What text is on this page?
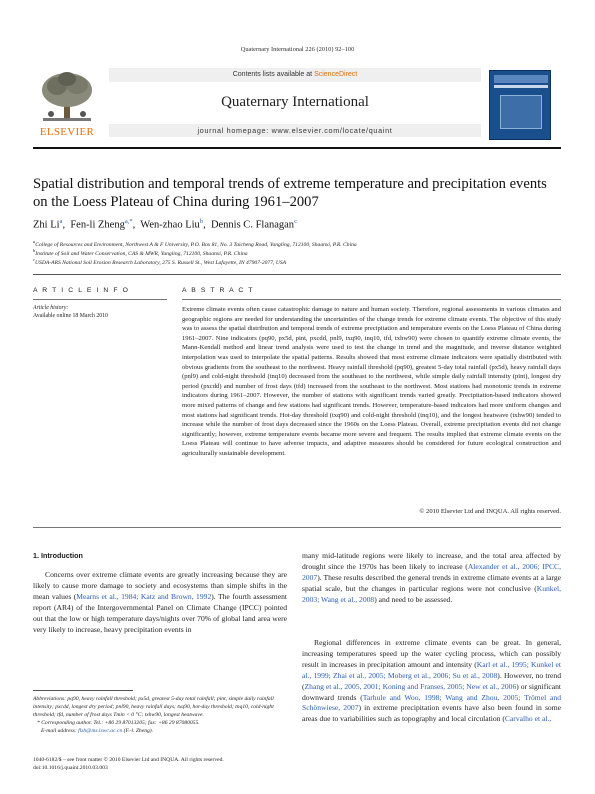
Quaternary International 226 (2010) 92–100
ELSEVIER
Contents lists available at ScienceDirect
Quaternary International
journal homepage: www.elsevier.com/locate/quaint
Spatial distribution and temporal trends of extreme temperature and precipitation events on the Loess Plateau of China during 1961–2007
Zhi Li$^a$,  Fen-li Zheng$^{a,*}$,  Wen-zhao Liu$^b$,  Dennis C. Flanagan$^c$
$^a$College of Resources and Environment, Northwest A & F University, P.O. Box 81, No. 3 Taicheng Road, Yangling, 712100, Shaanxi, P.R. China
$^b$Institute of Soil and Water Conservation, CAS & MWR, Yangling, 712100, Shaanxi, P.R. China
$^c$USDA-ARS National Soil Erosion Research Laboratory, 275 S. Russell St., West Lafayette, IN 47907-2077, USA
A R T I C L E I N F O	A B S T R A C T
Article history:
Available online 18 March 2010
Extreme climate events often cause catastrophic damage to nature and human society. Therefore, regional assessments in various climates and geographic regions are needed for understanding the uncertainties of the change trends for extreme climate events. The objective of this study was to assess the spatial distribution and temporal trends of extreme precipitation and temperature events on the Loess Plateau of China during 1961–2007. Nine indicators (pq90, px5d, pint, pxcdd, pnl9, txq90, tnq10, tfd, txhw90) were chosen to quantify extreme climate events, the Mann-Kendall method and linear trend analysis were used to test the change in trend and the magnitude, and inverse distance weighted interpolation was used to interpolate the spatial patterns. Results showed that most extreme climate indicators were spatially distributed with obvious gradients from the southeast to the northwest. Heavy rainfall threshold (pq90), greatest 5-day total rainfall (px5d), heavy rainfall days (pnl9) and cold-night threshold (tnq10) decreased from the southeast to the northwest, while simple daily rainfall intensity (pint), longest dry period (pxcdd) and number of frost days (tfd) increased from the southeast to the northwest. Most stations had monotonic trends in extreme indicators during 1961–2007. However, the number of stations with significant trends varied greatly. Precipitation-based indicators showed more mixed patterns of change and few stations had significant trends. However, temperature-based indicators had more uniform changes and most stations had significant trends. Hot-day threshold (txq90) and cold-night threshold (tnq10), and the longest heatwave (txhw90) tended to increase while the number of frost days decreased since the 1960s on the Loess Plateau. Overall, extreme precipitation events did not change significantly; however, extreme temperature events became more severe and frequent. The results implied that extreme climate events on the Loess Plateau will continue to have adverse impacts, and adaptive measures should be considered for future ecological construction and agriculturally sustainable development.
© 2010 Elsevier Ltd and INQUA. All rights reserved.
1. Introduction
Concerns over extreme climate events are greatly increasing because they are likely to cause more damage to society and ecosystems than simple shifts in the mean values (Mearns et al., 1984; Katz and Brown, 1992). The fourth assessment report (AR4) of the Intergovernmental Panel on Climate Change (IPCC) pointed out that the low or high temperature days/nights over 70% of global land area were very likely to increase, heavy precipitation events in
many mid-latitude regions were likely to increase, and the total area affected by drought since the 1970s has been likely to increase (Alexander et al., 2006; IPCC, 2007). These results described the general trends in extreme climate events at a large spatial scale, but the changes in particular regions were not conclusive (Kunkel, 2003; Wang et al., 2008) and need to be assessed.
Regional differences in extreme climate events can be great. In general, increasing temperatures speed up the water cycling process, which can possibly result in increases in precipitation amount and intensity (Karl et al., 1995; Kunkel et al., 1999; Zhai et al., 2005; Moberg et al., 2006; Su et al., 2008). However, no trend (Zhang et al., 2005, 2001; Koning and Franses, 2005; New et al., 2006) or significant downward trends (Tarhule and Woo, 1998; Wang and Zhou, 2005; Trömel and Schönwiese, 2007) in extreme precipitation events have also been found in some areas due to variabilities such as topography and local circulation (Carvalho et al.,
Abbreviations: pq90, heavy rainfall threshold; px5d, greatest 5-day total rainfall; pint, simple daily rainfall intensity; pxcdd, longest dry period; pnl90, heavy rainfall days; txq90, hot-day threshold; tnq10, cold-night threshold; tfd, number of frost days Tmin < 0 °C; txhw90, longest heatwave.
* Corresponding author. Tel.: +86 29 87013205; fax: +86 29 87080055.
E-mail address: flzh@ms.iswc.ac.cn (F.-l. Zheng).
1040-6182/$ – see front matter © 2010 Elsevier Ltd and INQUA. All rights reserved.
doi:10.1016/j.quaint.2010.03.003
